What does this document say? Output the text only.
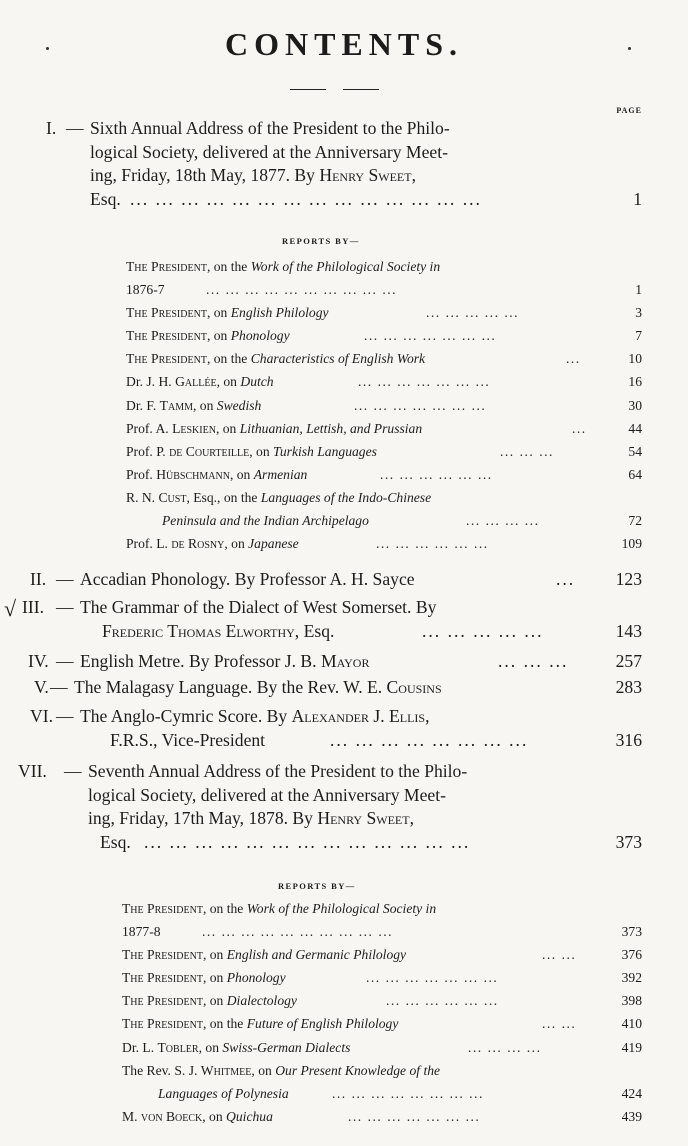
CONTENTS.
PAGE
I. — Sixth Annual Address of the President to the Philo-
logical Society, delivered at the Anniversary Meet-
ing, Friday, 18th May, 1877. By Henry Sweet,
Esq. ... ... ... ... ... ... ... ... ... ... ... ... ... ...	1
REPORTS BY—
The President, on the Work of the Philological Society in
1876-7	... ... ... ... ... ... ... ... ... ...	1
The President, on English Philology	... ... ... ... ...	3
The President, on Phonology	... ... ... ... ... ... ...	7
The President, on the Characteristics of English Work	...	10
Dr. J. H. Gallée, on Dutch	... ... ... ... ... ... ...	16
Dr. F. Tamm, on Swedish	... ... ... ... ... ... ...	30
Prof. A. Leskien, on Lithuanian, Lettish, and Prussian	...	44
Prof. P. de Courteille, on Turkish Languages	... ... ...	54
Prof. Hübschmann, on Armenian	... ... ... ... ... ...	64
R. N. Cust, Esq., on the Languages of the Indo-Chinese
Peninsula and the Indian Archipelago	... ... ... ...	72
Prof. L. de Rosny, on Japanese	... ... ... ... ... ...	109
II. — Accadian Phonology. By Professor A. H. Sayce	...	123
√ III. — The Grammar of the Dialect of West Somerset. By
Frederic Thomas Elworthy, Esq.	... ... ... ... ...	143
IV. — English Metre. By Professor J. B. Mayor	... ... ...	257
V. — The Malagasy Language. By the Rev. W. E. Cousins	283
VI. — The Anglo-Cymric Score. By Alexander J. Ellis,
F.R.S., Vice-President	... ... ... ... ... ... ... ...	316
VII. — Seventh Annual Address of the President to the Philo-
logical Society, delivered at the Anniversary Meet-
ing, Friday, 17th May, 1878. By Henry Sweet,
Esq. ... ... ... ... ... ... ... ... ... ... ... ... ...	373
REPORTS BY—
The President, on the Work of the Philological Society in
1877-8	... ... ... ... ... ... ... ... ... ...	373
The President, on English and Germanic Philology	... ...	376
The President, on Phonology	... ... ... ... ... ... ...	392
The President, on Dialectology	... ... ... ... ... ...	398
The President, on the Future of English Philology	... ...	410
Dr. L. Tobler, on Swiss-German Dialects	... ... ... ...	419
The Rev. S. J. Whitmee, on Our Present Knowledge of the
Languages of Polynesia	... ... ... ... ... ... ... ...	424
M. von Boeck, on Quichua	... ... ... ... ... ... ...	439
